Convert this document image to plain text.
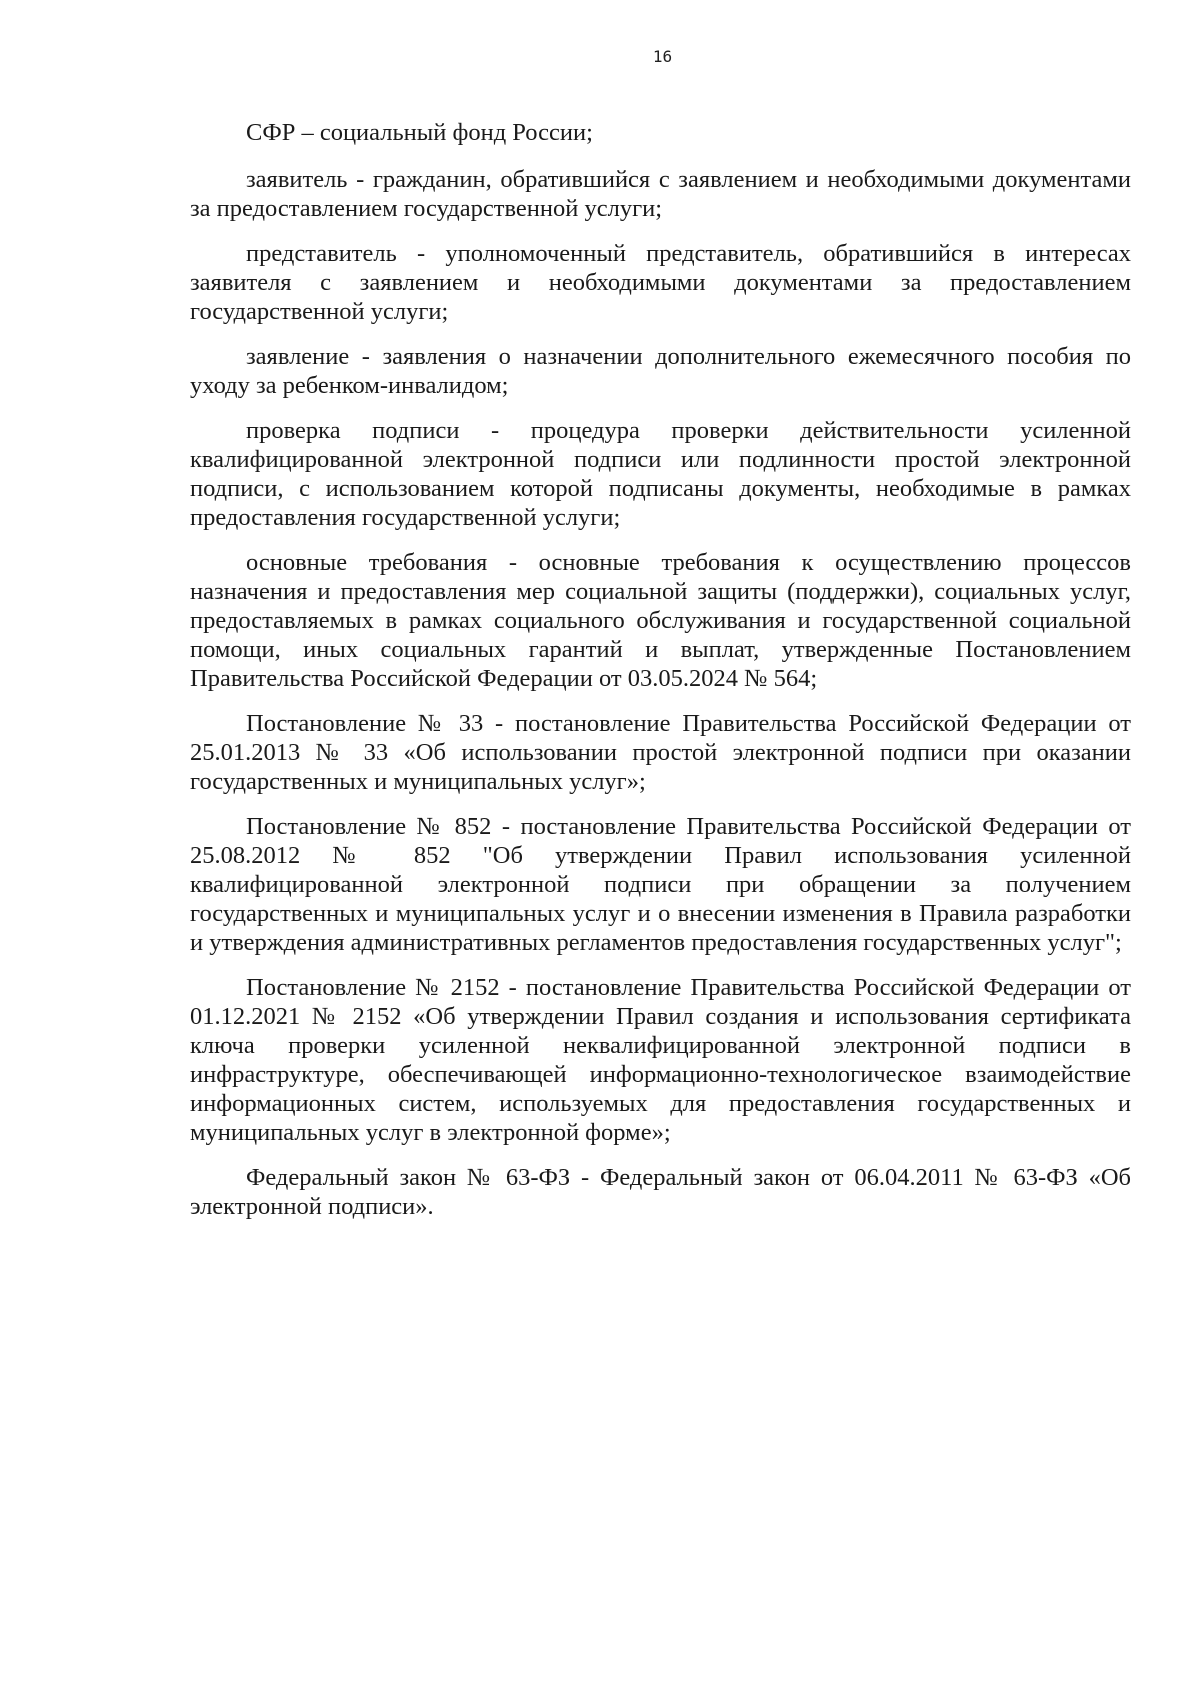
16

СФР – социальный фонд России;

заявитель - гражданин, обратившийся с заявлением и необходимыми документами за предоставлением государственной услуги;

представитель - уполномоченный представитель, обратившийся в интересах заявителя с заявлением и необходимыми документами за предоставлением государственной услуги;

заявление - заявления о назначении дополнительного ежемесячного пособия по уходу за ребенком-инвалидом;

проверка подписи - процедура проверки действительности усиленной квалифицированной электронной подписи или подлинности простой электронной подписи, с использованием которой подписаны документы, необходимые в рамках предоставления государственной услуги;

основные требования - основные требования к осуществлению процессов назначения и предоставления мер социальной защиты (поддержки), социальных услуг, предоставляемых в рамках социального обслуживания и государственной социальной помощи, иных социальных гарантий и выплат, утвержденные Постановлением Правительства Российской Федерации от 03.05.2024 № 564;

Постановление № 33 - постановление Правительства Российской Федерации от 25.01.2013 № 33 «Об использовании простой электронной подписи при оказании государственных и муниципальных услуг»;

Постановление № 852 - постановление Правительства Российской Федерации от 25.08.2012 № 852 "Об утверждении Правил использования усиленной квалифицированной электронной подписи при обращении за получением государственных и муниципальных услуг и о внесении изменения в Правила разработки и утверждения административных регламентов предоставления государственных услуг";

Постановление № 2152 - постановление Правительства Российской Федерации от 01.12.2021 № 2152 «Об утверждении Правил создания и использования сертификата ключа проверки усиленной неквалифицированной электронной подписи в инфраструктуре, обеспечивающей информационно-технологическое взаимодействие информационных систем, используемых для предоставления государственных и муниципальных услуг в электронной форме»;

Федеральный закон № 63-ФЗ - Федеральный закон от 06.04.2011 № 63-ФЗ «Об электронной подписи».
